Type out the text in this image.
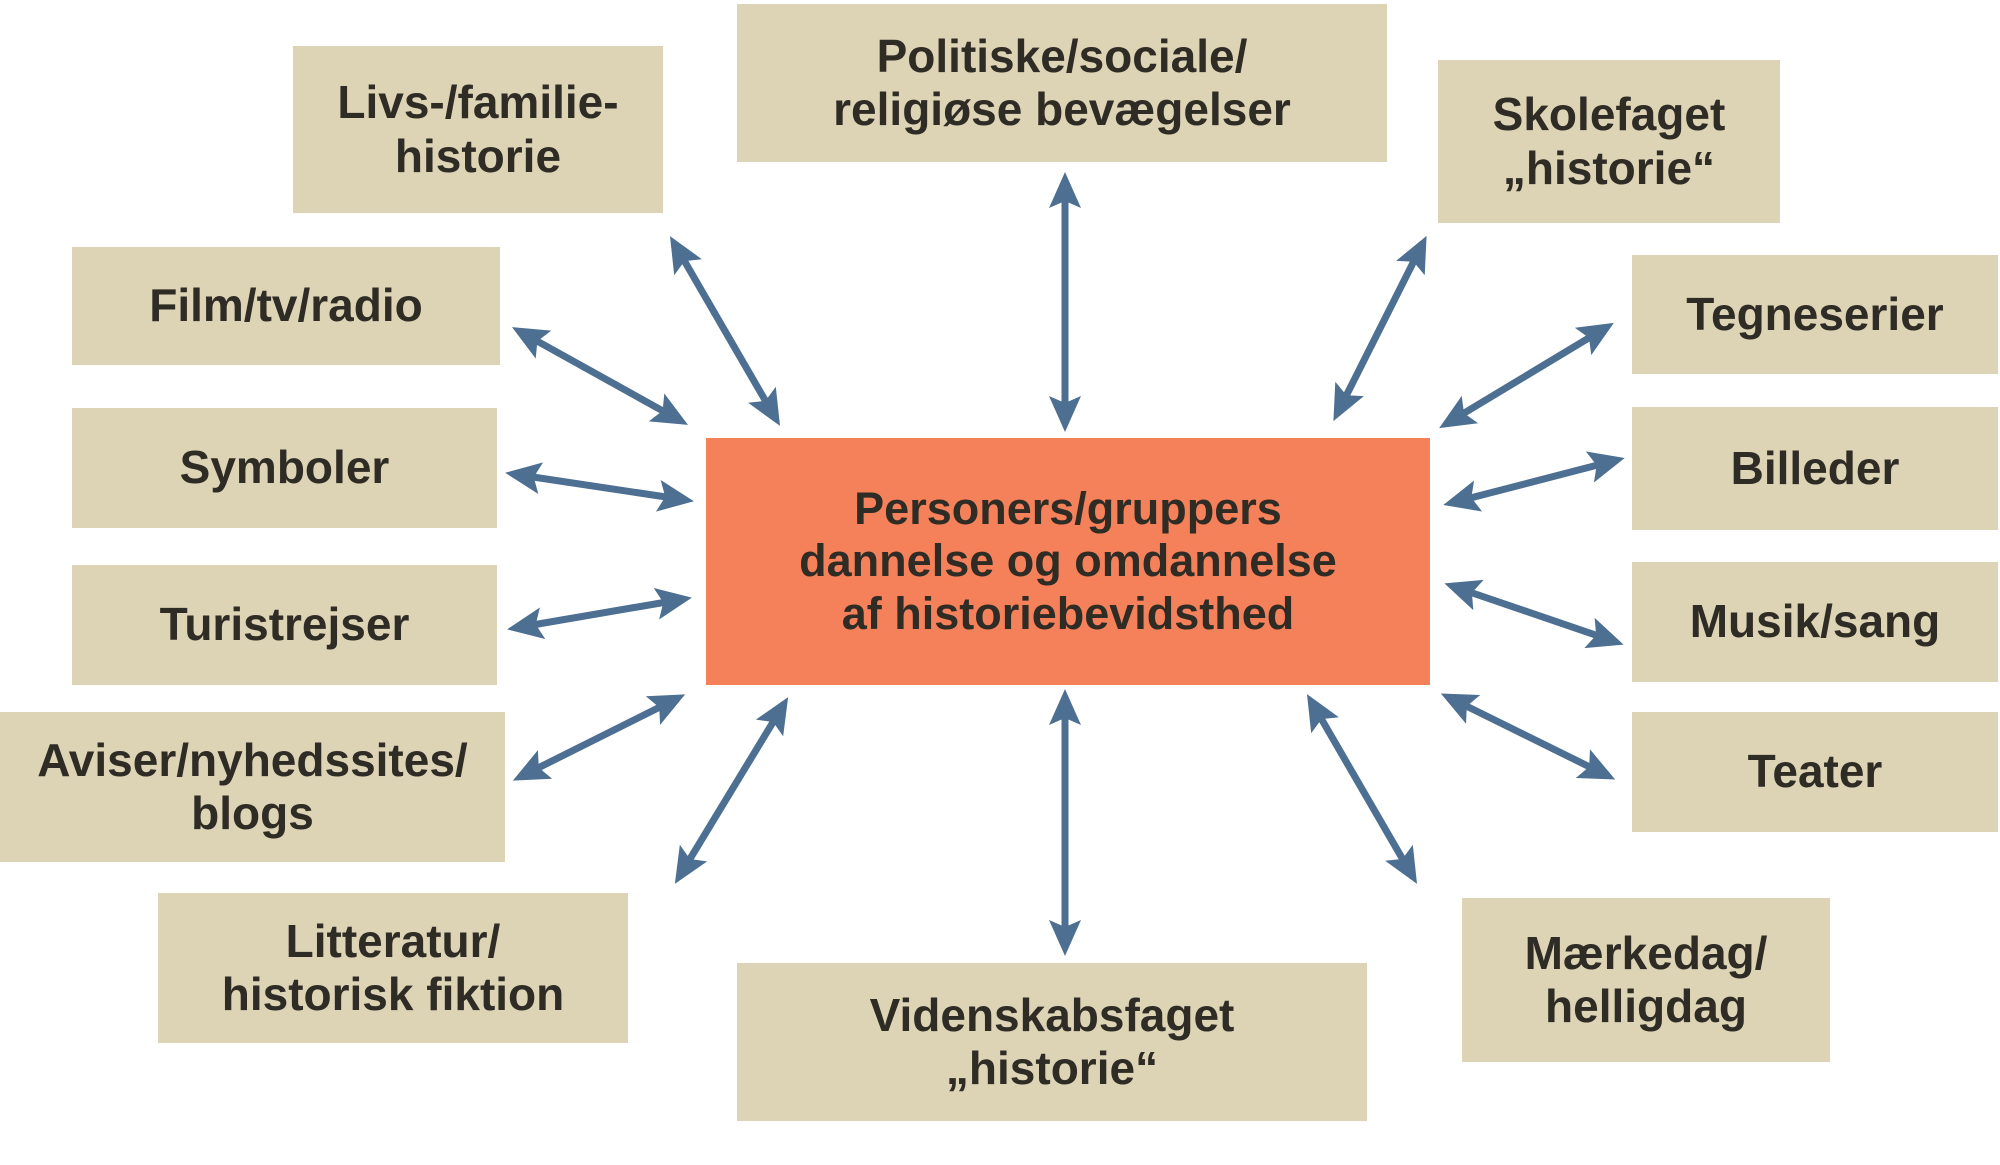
Politiske/sociale/
religiøse bevægelser
Livs-/familie-
historie
Skolefaget
„historie“
Film/tv/radio
Symboler
Turistrejser
Aviser/nyhedssites/
blogs
Litteratur/
historisk fiktion	Videnskabsfaget
„historie“
Mærkedag/
helligdag
Tegneserier
Billeder
Musik/sang
Teater
Personers/gruppers
dannelse og omdannelse
af historiebevidsthed
